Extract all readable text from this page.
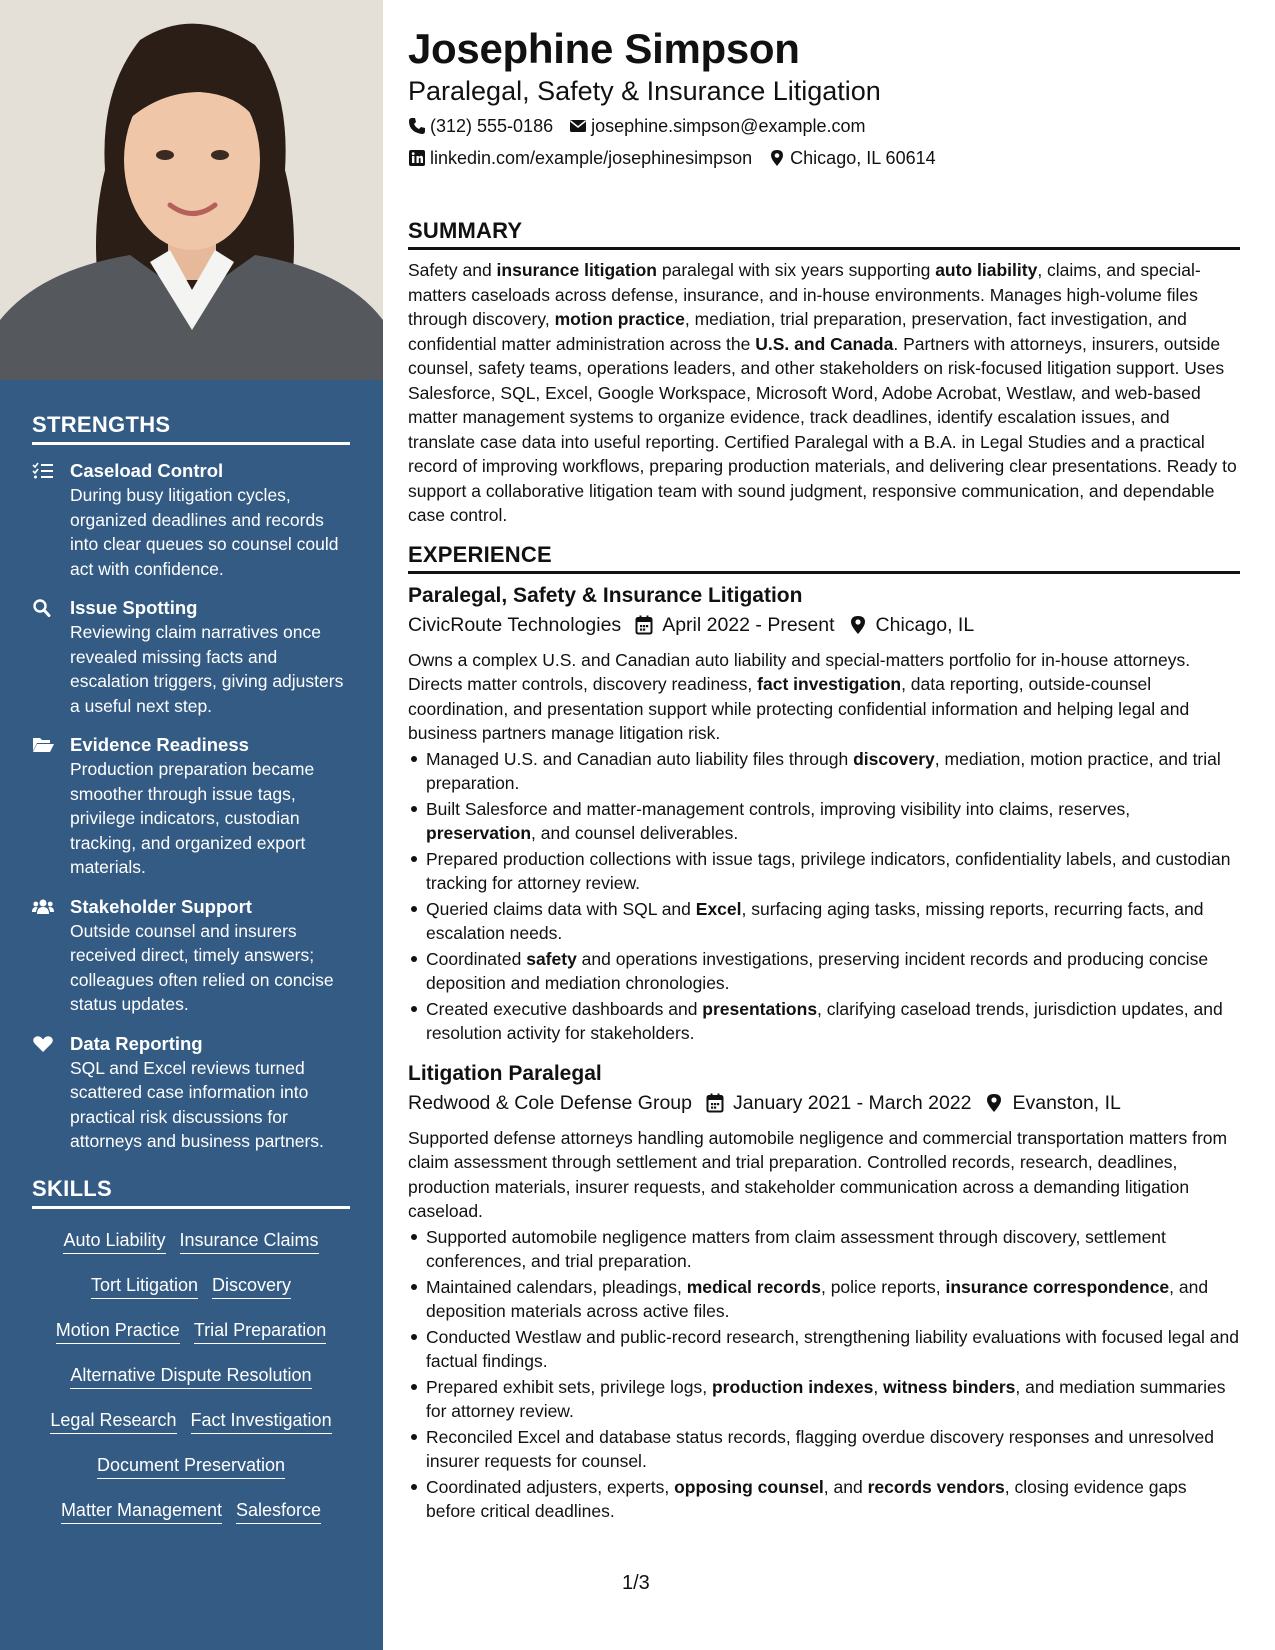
STRENGTHS
Caseload Control
During busy litigation cycles, organized deadlines and records into clear queues so counsel could act with confidence.
Issue Spotting
Reviewing claim narratives once revealed missing facts and escalation triggers, giving adjusters a useful next step.
Evidence Readiness
Production preparation became smoother through issue tags, privilege indicators, custodian tracking, and organized export materials.
Stakeholder Support
Outside counsel and insurers received direct, timely answers; colleagues often relied on concise status updates.
Data Reporting
SQL and Excel reviews turned scattered case information into practical risk discussions for attorneys and business partners.
SKILLS
Auto Liability Insurance Claims
Tort Litigation Discovery
Motion Practice Trial Preparation
Alternative Dispute Resolution
Legal Research Fact Investigation
Document Preservation
Matter Management Salesforce
Josephine Simpson
Paralegal, Safety & Insurance Litigation
(312) 555-0186 josephine.simpson@example.com
linkedin.com/example/josephinesimpson Chicago, IL 60614
SUMMARY
Safety and insurance litigation paralegal with six years supporting auto liability, claims, and special-matters caseloads across defense, insurance, and in-house environments. Manages high-volume files through discovery, motion practice, mediation, trial preparation, preservation, fact investigation, and confidential matter administration across the U.S. and Canada. Partners with attorneys, insurers, outside counsel, safety teams, operations leaders, and other stakeholders on risk-focused litigation support. Uses Salesforce, SQL, Excel, Google Workspace, Microsoft Word, Adobe Acrobat, Westlaw, and web-based matter management systems to organize evidence, track deadlines, identify escalation issues, and translate case data into useful reporting. Certified Paralegal with a B.A. in Legal Studies and a practical record of improving workflows, preparing production materials, and delivering clear presentations. Ready to support a collaborative litigation team with sound judgment, responsive communication, and dependable case control.
EXPERIENCE
Paralegal, Safety & Insurance Litigation
CivicRoute Technologies April 2022 - Present Chicago, IL
Owns a complex U.S. and Canadian auto liability and special-matters portfolio for in-house attorneys. Directs matter controls, discovery readiness, fact investigation, data reporting, outside-counsel coordination, and presentation support while protecting confidential information and helping legal and business partners manage litigation risk.
Managed U.S. and Canadian auto liability files through discovery, mediation, motion practice, and trial preparation.
Built Salesforce and matter-management controls, improving visibility into claims, reserves, preservation, and counsel deliverables.
Prepared production collections with issue tags, privilege indicators, confidentiality labels, and custodian tracking for attorney review.
Queried claims data with SQL and Excel, surfacing aging tasks, missing reports, recurring facts, and escalation needs.
Coordinated safety and operations investigations, preserving incident records and producing concise deposition and mediation chronologies.
Created executive dashboards and presentations, clarifying caseload trends, jurisdiction updates, and resolution activity for stakeholders.
Litigation Paralegal
Redwood & Cole Defense Group January 2021 - March 2022 Evanston, IL
Supported defense attorneys handling automobile negligence and commercial transportation matters from claim assessment through settlement and trial preparation. Controlled records, research, deadlines, production materials, insurer requests, and stakeholder communication across a demanding litigation caseload.
Supported automobile negligence matters from claim assessment through discovery, settlement conferences, and trial preparation.
Maintained calendars, pleadings, medical records, police reports, insurance correspondence, and deposition materials across active files.
Conducted Westlaw and public-record research, strengthening liability evaluations with focused legal and factual findings.
Prepared exhibit sets, privilege logs, production indexes, witness binders, and mediation summaries for attorney review.
Reconciled Excel and database status records, flagging overdue discovery responses and unresolved insurer requests for counsel.
Coordinated adjusters, experts, opposing counsel, and records vendors, closing evidence gaps before critical deadlines.
1/3
